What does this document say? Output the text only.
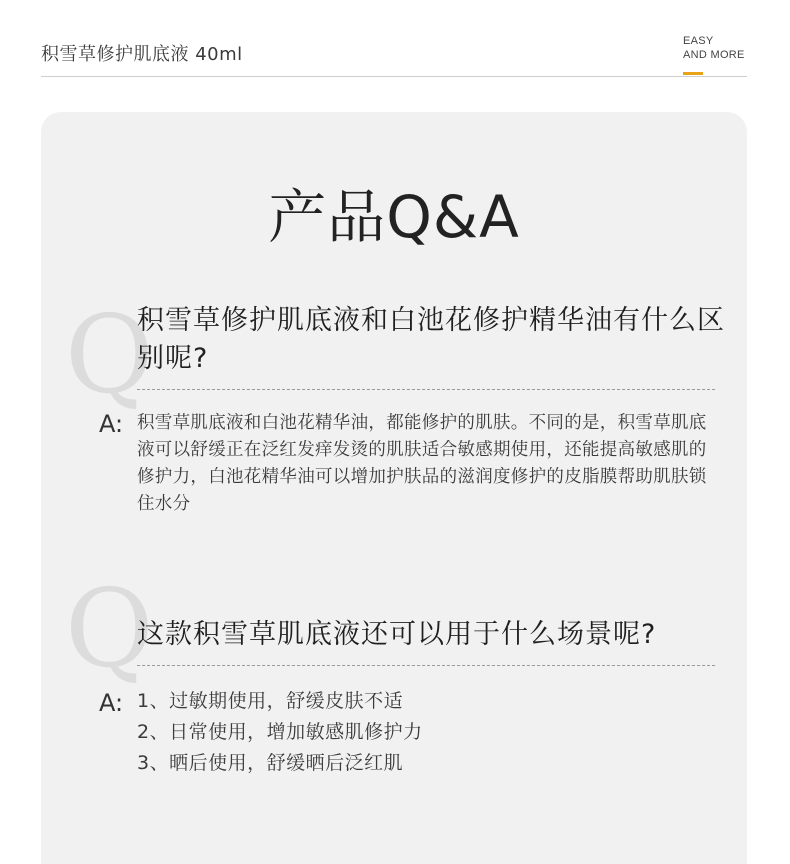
积雪草修护肌底液 40ml
EASY
AND MORE
产品Q&A
Q
积雪草修护肌底液和白池花修护精华油有什么区别呢?
A: 积雪草肌底液和白池花精华油，都能修护的肌肤。不同的是，积雪草肌底液可以舒缓正在泛红发痒发烫的肌肤适合敏感期使用，还能提高敏感肌的修护力，白池花精华油可以增加护肤品的滋润度修护的皮脂膜帮助肌肤锁住水分
Q
这款积雪草肌底液还可以用于什么场景呢?
A: 1、过敏期使用，舒缓皮肤不适
2、日常使用，增加敏感肌修护力
3、晒后使用，舒缓晒后泛红肌
